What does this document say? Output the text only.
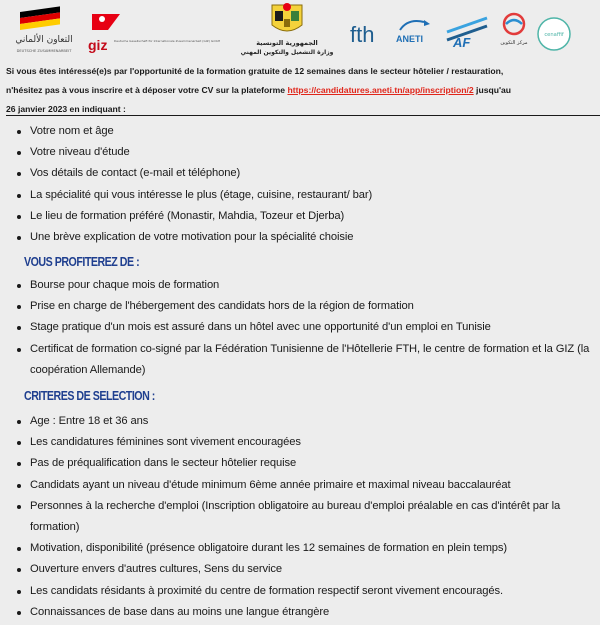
التعاون الألماني
DEUTSCHE ZUSAMMENARBEIT giz Deutsche Gesellschaft für Internationale Zusammenarbeit (GIZ) GmbH	الجمهورية التونسية
وزارة التشغيل والتكوين المهني
fth ANETI AF	مركز التكوين
cenaffif
Si vous êtes intéressé(e)s par l'opportunité de la formation gratuite de 12 semaines dans le secteur hôtelier / restauration,
n'hésitez pas à vous inscrire et à déposer votre CV sur la plateforme https://candidatures.aneti.tn/app/inscription/2 jusqu'au
26 janvier 2023 en indiquant :
Votre nom et âge
Votre niveau d'étude
Vos détails de contact (e-mail et téléphone)
La spécialité qui vous intéresse le plus (étage, cuisine, restaurant/ bar)
Le lieu de formation préféré (Monastir, Mahdia, Tozeur et Djerba)
Une brève explication de votre motivation pour la spécialité choisie
VOUS PROFITEREZ DE :
Bourse pour chaque mois de formation
Prise en charge de l'hébergement des candidats hors de la région de formation
Stage pratique d'un mois est assuré dans un hôtel avec une opportunité d'un emploi en Tunisie
Certificat de formation co-signé par la Fédération Tunisienne de l'Hôtellerie FTH, le centre de formation et la GIZ (la coopération Allemande)
CRITERES DE SELECTION :
Age : Entre 18 et 36 ans
Les candidatures féminines sont vivement encouragées
Pas de préqualification dans le secteur hôtelier requise
Candidats ayant un niveau d'étude minimum 6ème année primaire et maximal niveau baccalauréat
Personnes à la recherche d'emploi (Inscription obligatoire au bureau d'emploi préalable en cas d'intérêt par la formation)
Motivation, disponibilité (présence obligatoire durant les 12 semaines de formation en plein temps)
Ouverture envers d'autres cultures, Sens du service
Les candidats résidants à proximité du centre de formation respectif seront vivement encouragés.
Connaissances de base dans au moins une langue étrangère
